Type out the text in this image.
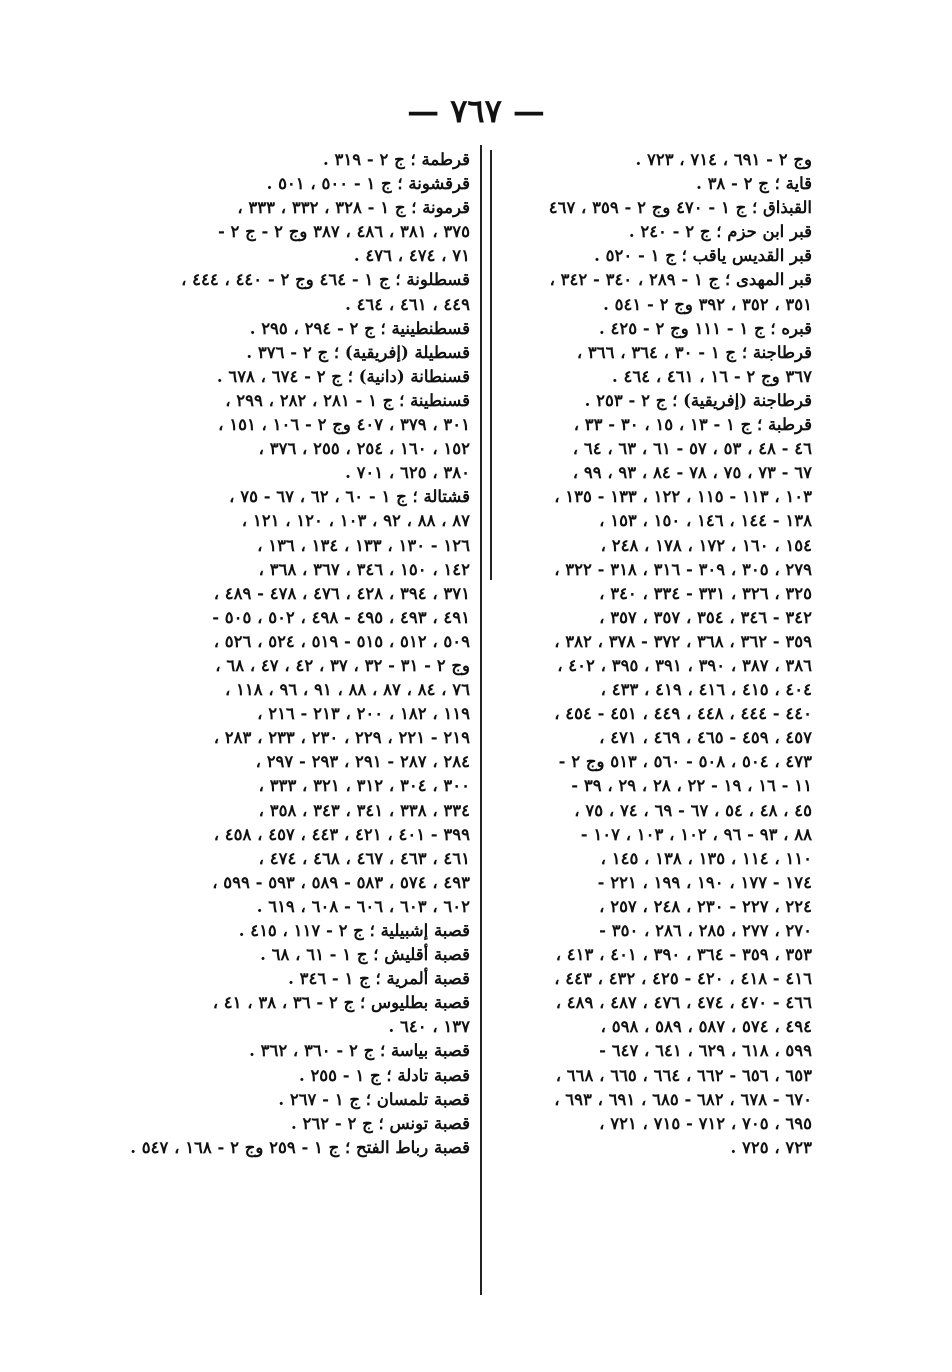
— ٧٦٧ —
وج ٢ - ٦٩١ ، ٧١٤ ، ٧٢٣ .
قاية ؛ ج ٢ - ٣٨ .
القبذاق ؛ ج ١ - ٤٧٠ وج ٢ - ٣٥٩ ، ٤٦٧
قبر ابن حزم ؛ ج ٢ - ٢٤٠ .
قبر القديس ياقب ؛ ج ١ - ٥٢٠ .
قبر المهدى ؛ ج ١ - ٢٨٩ ، ٣٤٠ - ٣٤٢ ،
٣٥١ ، ٣٥٢ ، ٣٩٢ وج ٢ - ٥٤١ .
قبره ؛ ج ١ - ١١١ وج ٢ - ٤٢٥ .
قرطاجنة ؛ ج ١ - ٣٠ ، ٣٦٤ ، ٣٦٦ ،
٣٦٧ وج ٢ - ١٦ ، ٤٦١ ، ٤٦٤ .
قرطاجنة (إفريقية) ؛ ج ٢ - ٢٥٣ .
قرطبة ؛ ج ١ - ١٣ ، ١٥ ، ٣٠ - ٣٣ ،
٤٦ - ٤٨ ، ٥٣ ، ٥٧ - ٦١ ، ٦٣ ، ٦٤ ،
٦٧ - ٧٣ ، ٧٥ ، ٧٨ - ٨٤ ، ٩٣ ، ٩٩ ،
١٠٣ ، ١١٣ - ١١٥ ، ١٢٢ ، ١٣٣ - ١٣٥ ،
١٣٨ - ١٤٤ ، ١٤٦ ، ١٥٠ ، ١٥٣ ،
١٥٤ ، ١٦٠ ، ١٧٢ ، ١٧٨ ، ٢٤٨ ،
٢٧٩ ، ٣٠٥ ، ٣٠٩ - ٣١٦ ، ٣١٨ - ٣٢٢ ،
٣٢٥ ، ٣٢٦ ، ٣٣١ - ٣٣٤ ، ٣٤٠ ،
٣٤٢ - ٣٤٦ ، ٣٥٤ ، ٣٥٧ ، ٣٥٧ ،
٣٥٩ - ٣٦٢ ، ٣٦٨ ، ٣٧٢ - ٣٧٨ ، ٣٨٢ ،
٣٨٦ ، ٣٨٧ ، ٣٩٠ ، ٣٩١ ، ٣٩٥ ، ٤٠٢ ،
٤٠٤ ، ٤١٥ ، ٤١٦ ، ٤١٩ ، ٤٣٣ ،
٤٤٠ - ٤٤٤ ، ٤٤٨ ، ٤٤٩ ، ٤٥١ - ٤٥٤ ،
٤٥٧ ، ٤٥٩ - ٤٦٥ ، ٤٦٩ ، ٤٧١ ،
٤٧٣ ، ٥٠٤ ، ٥٠٨ - ٥٦٠ ، ٥١٣ وج ٢ -
١١ - ١٦ ، ١٩ - ٢٢ ، ٢٨ ، ٢٩ ، ٣٩ -
٤٥ ، ٤٨ ، ٥٤ ، ٦٧ - ٦٩ ، ٧٤ ، ٧٥ ،
٨٨ ، ٩٣ - ٩٦ ، ١٠٢ ، ١٠٣ ، ١٠٧ -
١١٠ ، ١١٤ ، ١٣٥ ، ١٣٨ ، ١٤٥ ،
١٧٤ - ١٧٧ ، ١٩٠ ، ١٩٩ ، ٢٢١ -
٢٢٤ ، ٢٢٧ - ٢٣٠ ، ٢٤٨ ، ٢٥٧ ،
٢٧٠ ، ٢٧٧ ، ٢٨٥ ، ٢٨٦ ، ٣٥٠ -
٣٥٣ ، ٣٥٩ - ٣٦٤ ، ٣٩٠ ، ٤٠١ ، ٤١٣ ،
٤١٦ - ٤١٨ ، ٤٢٠ - ٤٢٥ ، ٤٣٢ ، ٤٤٣ ،
٤٦٦ - ٤٧٠ ، ٤٧٤ ، ٤٧٦ ، ٤٨٧ ، ٤٨٩ ،
٤٩٤ ، ٥٧٤ ، ٥٨٧ ، ٥٨٩ ، ٥٩٨ ،
٥٩٩ ، ٦١٨ ، ٦٢٩ ، ٦٤١ ، ٦٤٧ -
٦٥٣ ، ٦٥٦ - ٦٦٢ ، ٦٦٤ ، ٦٦٥ ، ٦٦٨ ،
٦٧٠ - ٦٧٨ ، ٦٨٢ - ٦٨٥ ، ٦٩١ ، ٦٩٣ ،
٦٩٥ ، ٧٠٥ ، ٧١٢ - ٧١٥ ، ٧٢١ ،
٧٢٣ ، ٧٢٥ .
قرطمة ؛ ج ٢ - ٣١٩ .
قرقشونة ؛ ج ١ - ٥٠٠ ، ٥٠١ .
قرمونة ؛ ج ١ - ٣٢٨ ، ٣٣٢ ، ٣٣٣ ،
٣٧٥ ، ٣٨١ ، ٤٨٦ ، ٣٨٧ وج ٢ - ج ٢ -
٧١ ، ٤٧٤ ، ٤٧٦ .
قسطلونة ؛ ج ١ - ٤٦٤ وج ٢ - ٤٤٠ ، ٤٤٤ ،
٤٤٩ ، ٤٦١ ، ٤٦٤ .
قسطنطينية ؛ ج ٢ - ٢٩٤ ، ٢٩٥ .
قسطيلة (إفريقية) ؛ ج ٢ - ٣٧٦ .
قسنطانة (دانية) ؛ ج ٢ - ٦٧٤ ، ٦٧٨ .
قسنطينة ؛ ج ١ - ٢٨١ ، ٢٨٢ ، ٢٩٩ ،
٣٠١ ، ٣٧٩ ، ٤٠٧ وج ٢ - ١٠٦ ، ١٥١ ،
١٥٢ ، ١٦٠ ، ٢٥٤ ، ٢٥٥ ، ٣٧٦ ،
٣٨٠ ، ٦٢٥ ، ٧٠١ .
قشتالة ؛ ج ١ - ٦٠ ، ٦٢ ، ٦٧ - ٧٥ ،
٨٧ ، ٨٨ ، ٩٢ ، ١٠٣ ، ١٢٠ ، ١٢١ ،
١٢٦ - ١٣٠ ، ١٣٣ ، ١٣٤ ، ١٣٦ ،
١٤٢ ، ١٥٠ ، ٣٤٦ ، ٣٦٧ ، ٣٦٨ ،
٣٧١ ، ٣٩٤ ، ٤٢٨ ، ٤٧٦ ، ٤٧٨ - ٤٨٩ ،
٤٩١ ، ٤٩٣ ، ٤٩٥ - ٤٩٨ ، ٥٠٢ ، ٥٠٥ -
٥٠٩ ، ٥١٢ ، ٥١٥ - ٥١٩ ، ٥٢٤ ، ٥٢٦ ،
وج ٢ - ٣١ - ٣٢ ، ٣٧ ، ٤٢ ، ٤٧ ، ٦٨ ،
٧٦ ، ٨٤ ، ٨٧ ، ٨٨ ، ٩١ ، ٩٦ ، ١١٨ ،
١١٩ ، ١٨٢ ، ٢٠٠ ، ٢١٣ - ٢١٦ ،
٢١٩ - ٢٢١ ، ٢٢٩ ، ٢٣٠ ، ٢٣٣ ، ٢٨٣ ،
٢٨٤ ، ٢٨٧ - ٢٩١ ، ٢٩٣ - ٢٩٧ ،
٣٠٠ ، ٣٠٤ ، ٣١٢ ، ٣٢١ ، ٣٣٣ ،
٣٣٤ ، ٣٣٨ ، ٣٤١ ، ٣٤٣ ، ٣٥٨ ،
٣٩٩ - ٤٠١ ، ٤٢١ ، ٤٤٣ ، ٤٥٧ ، ٤٥٨ ،
٤٦١ ، ٤٦٣ ، ٤٦٧ ، ٤٦٨ ، ٤٧٤ ،
٤٩٣ ، ٥٧٤ ، ٥٨٣ - ٥٨٩ ، ٥٩٣ - ٥٩٩ ،
٦٠٢ ، ٦٠٣ ، ٦٠٦ - ٦٠٨ ، ٦١٩ .
قصبة إشبيلية ؛ ج ٢ - ١١٧ ، ٤١٥ .
قصبة أقليش ؛ ج ١ - ٦١ ، ٦٨ .
قصبة ألمرية ؛ ج ١ - ٣٤٦ .
قصبة بطليوس ؛ ج ٢ - ٣٦ ، ٣٨ ، ٤١ ،
١٣٧ ، ٦٤٠ .
قصبة بياسة ؛ ج ٢ - ٣٦٠ ، ٣٦٢ .
قصبة تادلة ؛ ج ١ - ٢٥٥ .
قصبة تلمسان ؛ ج ١ - ٢٦٧ .
قصبة تونس ؛ ج ٢ - ٢٦٢ .
قصبة رباط الفتح ؛ ج ١ - ٢٥٩ وج ٢ - ١٦٨ ، ٥٤٧ .
